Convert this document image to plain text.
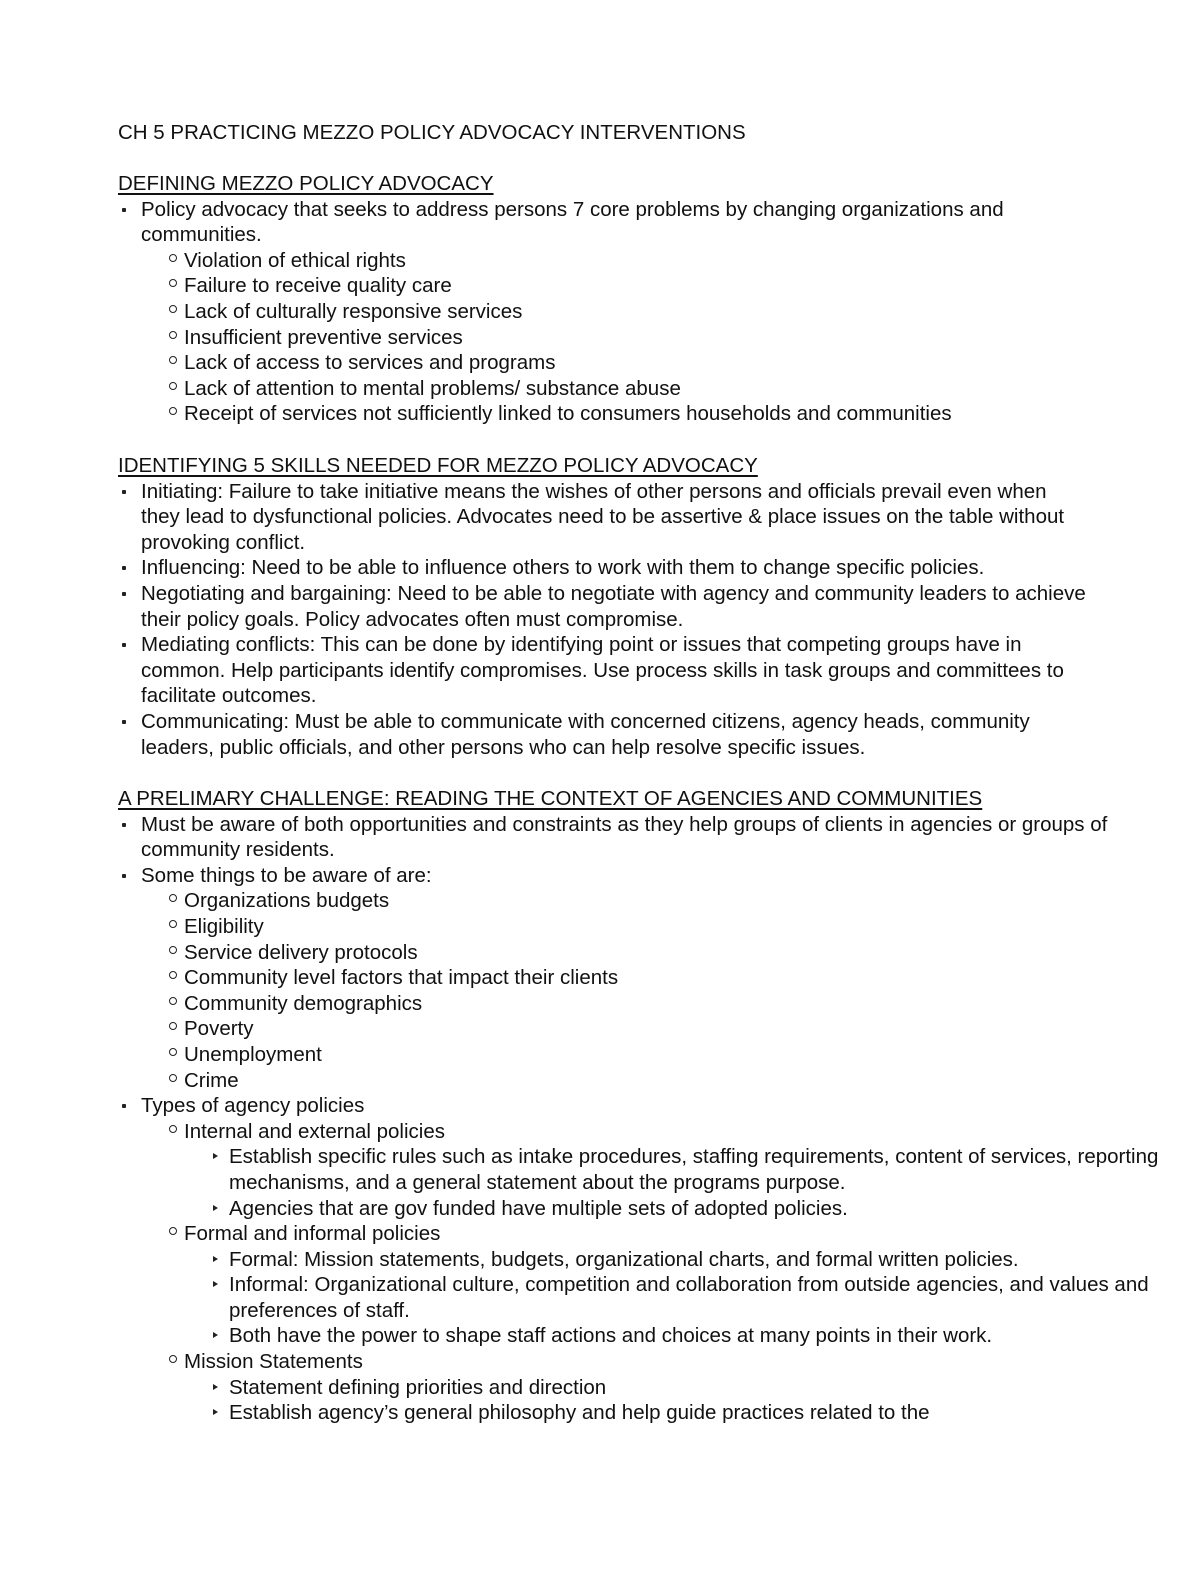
CH 5 PRACTICING MEZZO POLICY ADVOCACY INTERVENTIONS
DEFINING MEZZO POLICY ADVOCACY
Policy advocacy that seeks to address persons 7 core problems by changing organizations and communities.
Violation of ethical rights
Failure to receive quality care
Lack of culturally responsive services
Insufficient preventive services
Lack of access to services and programs
Lack of attention to mental problems/ substance abuse
Receipt of services not sufficiently linked to consumers households and communities
IDENTIFYING 5 SKILLS NEEDED FOR MEZZO POLICY ADVOCACY
Initiating: Failure to take initiative means the wishes of other persons and officials prevail even when they lead to dysfunctional policies. Advocates need to be assertive & place issues on the table without provoking conflict.
Influencing: Need to be able to influence others to work with them to change specific policies.
Negotiating and bargaining: Need to be able to negotiate with agency and community leaders to achieve their policy goals. Policy advocates often must compromise.
Mediating conflicts: This can be done by identifying point or issues that competing groups have in common. Help participants identify compromises. Use process skills in task groups and committees to facilitate outcomes.
Communicating: Must be able to communicate with concerned citizens, agency heads, community leaders, public officials, and other persons who can help resolve specific issues.
A PRELIMARY CHALLENGE: READING THE CONTEXT OF AGENCIES AND COMMUNITIES
Must be aware of both opportunities and constraints as they help groups of clients in agencies or groups of community residents.
Some things to be aware of are:
Organizations budgets
Eligibility
Service delivery protocols
Community level factors that impact their clients
Community demographics
Poverty
Unemployment
Crime
Types of agency policies
Internal and external policies
Establish specific rules such as intake procedures, staffing requirements, content of services, reporting mechanisms, and a general statement about the programs purpose.
Agencies that are gov funded have multiple sets of adopted policies.
Formal and informal policies
Formal: Mission statements, budgets, organizational charts, and formal written policies.
Informal: Organizational culture, competition and collaboration from outside agencies, and values and preferences of staff.
Both have the power to shape staff actions and choices at many points in their work.
Mission Statements
Statement defining priorities and direction
Establish agency’s general philosophy and help guide practices related to the
